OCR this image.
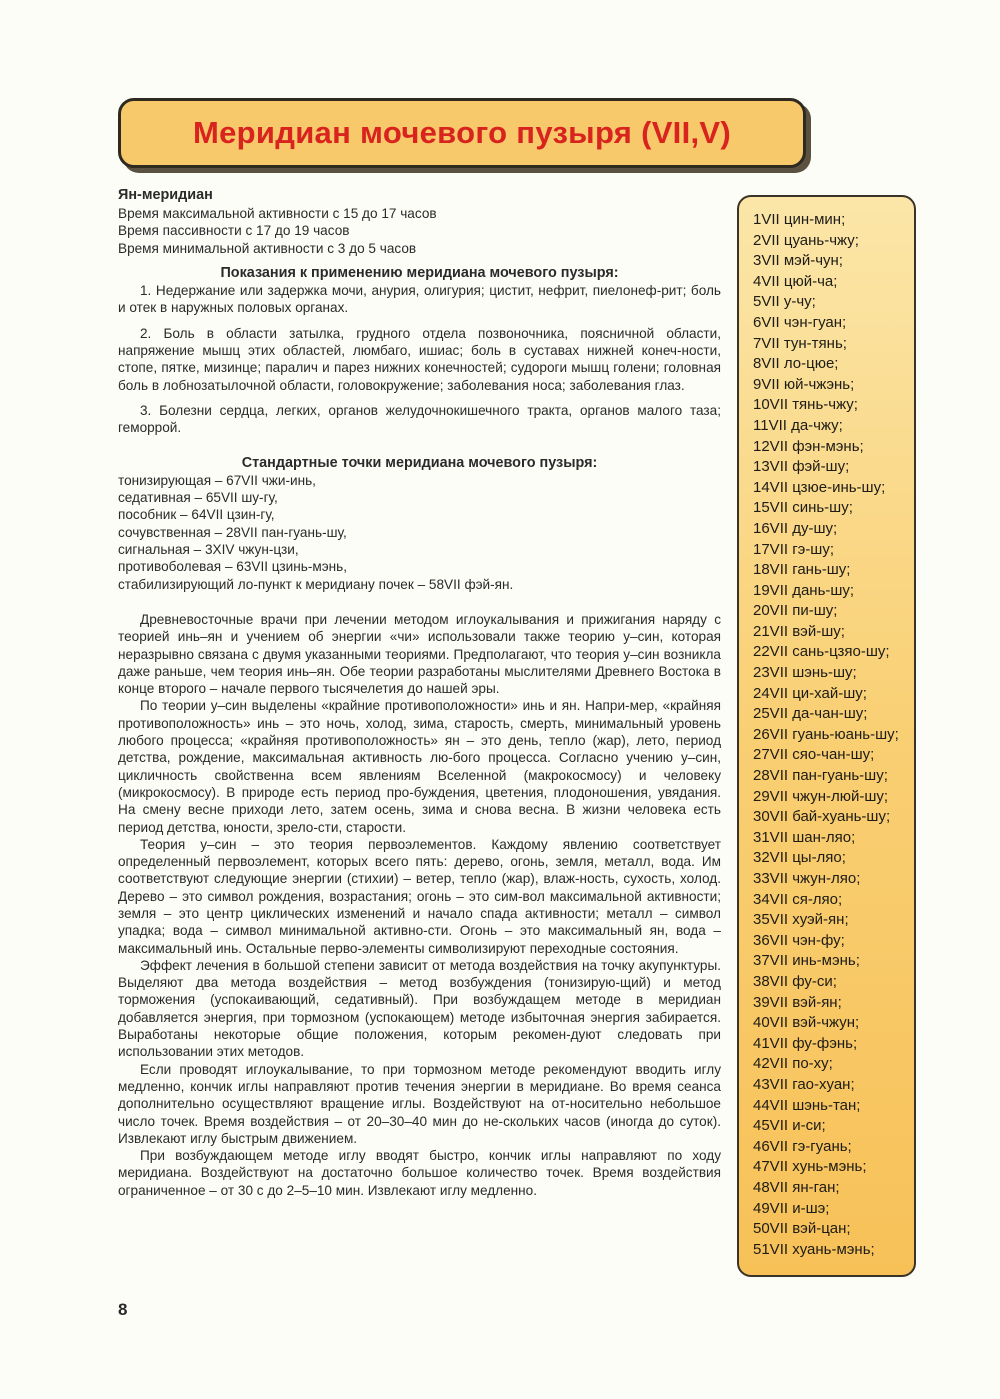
Меридиан мочевого пузыря (VII,V)

Ян-меридиан

Время максимальной активности с 15 до 17 часов

Время пассивности с 17 до 19 часов

Время минимальной активности с 3 до 5 часов

Показания к применению меридиана мочевого пузыря:

1. Недержание или задержка мочи, анурия, олигурия; цистит, нефрит, пиелонеф-рит; боль и отек в наружных половых органах.

2. Боль в области затылка, грудного отдела позвоночника, поясничной области, напряжение мышц этих областей, люмбаго, ишиас; боль в суставах нижней конеч-ности, стопе, пятке, мизинце; паралич и парез нижних конечностей; судороги мышц голени; головная боль в лобнозатылочной области, головокружение; заболевания носа; заболевания глаз.

3. Болезни сердца, легких, органов желудочнокишечного тракта, органов малого таза; геморрой.

Стандартные точки меридиана мочевого пузыря:

тонизирующая – 67VII чжи-инь,

седативная – 65VII шу-гу,

пособник – 64VII цзин-гу,

сочувственная – 28VII пан-гуань-шу,

сигнальная – 3XIV чжун-цзи,

противоболевая – 63VII цзинь-мэнь,

стабилизирующий ло-пункт к меридиану почек – 58VII фэй-ян.

Древневосточные врачи при лечении методом иглоукалывания и прижигания наряду с теорией инь–ян и учением об энергии «чи» использовали также теорию у–син, которая неразрывно связана с двумя указанными теориями. Предполагают, что теория у–син возникла даже раньше, чем теория инь–ян. Обе теории разработаны мыслителями Древнего Востока в конце второго – начале первого тысячелетия до нашей эры.

По теории у–син выделены «крайние противоположности» инь и ян. Напри-мер, «крайняя противоположность» инь – это ночь, холод, зима, старость, смерть, минимальный уровень любого процесса; «крайняя противоположность» ян – это день, тепло (жар), лето, период детства, рождение, максимальная активность лю-бого процесса. Согласно учению у–син, цикличность свойственна всем явлениям Вселенной (макрокосмосу) и человеку (микрокосмосу). В природе есть период про-буждения, цветения, плодоношения, увядания. На смену весне приходи лето, затем осень, зима и снова весна. В жизни человека есть период детства, юности, зрело-сти, старости.

Теория у–син – это теория первоэлементов. Каждому явлению соответствует определенный первоэлемент, которых всего пять: дерево, огонь, земля, металл, вода. Им соответствуют следующие энергии (стихии) – ветер, тепло (жар), влаж-ность, сухость, холод. Дерево – это символ рождения, возрастания; огонь – это сим-вол максимальной активности; земля – это центр циклических изменений и начало спада активности; металл – символ упадка; вода – символ минимальной активно-сти. Огонь – это максимальный ян, вода – максимальный инь. Остальные перво-элементы символизируют переходные состояния.

Эффект лечения в большой степени зависит от метода воздействия на точку акупунктуры. Выделяют два метода воздействия – метод возбуждения (тонизирую-щий) и метод торможения (успокаивающий, седативный). При возбуждащем методе в меридиан добавляется энергия, при тормозном (успокающем) методе избыточная энергия забирается. Выработаны некоторые общие положения, которым рекомен-дуют следовать при использовании этих методов.

Если проводят иглоукалывание, то при тормозном методе рекомендуют вводить иглу медленно, кончик иглы направляют против течения энергии в меридиане. Во время сеанса дополнительно осуществляют вращение иглы. Воздействуют на от-носительно небольшое число точек. Время воздействия – от 20–30–40 мин до не-скольких часов (иногда до суток). Извлекают иглу быстрым движением.

При возбуждающем методе иглу вводят быстро, кончик иглы направляют по ходу меридиана. Воздействуют на достаточно большое количество точек. Время воздействия ограниченное – от 30 с до 2–5–10 мин. Извлекают иглу медленно.

8
1VII цин-мин;
2VII цуань-чжу;
3VII мэй-чун;
4VII цюй-ча;
5VII у-чу;
6VII чэн-гуан;
7VII тун-тянь;
8VII ло-цюе;
9VII юй-чжэнь;
10VII тянь-чжу;
11VII да-чжу;
12VII фэн-мэнь;
13VII фэй-шу;
14VII цзюе-инь-шу;
15VII синь-шу;
16VII ду-шу;
17VII гэ-шу;
18VII гань-шу;
19VII дань-шу;
20VII пи-шу;
21VII вэй-шу;
22VII сань-цзяо-шу;
23VII шэнь-шу;
24VII ци-хай-шу;
25VII да-чан-шу;
26VII гуань-юань-шу;
27VII сяо-чан-шу;
28VII пан-гуань-шу;
29VII чжун-люй-шу;
30VII бай-хуань-шу;
31VII шан-ляо;
32VII цы-ляо;
33VII чжун-ляо;
34VII ся-ляо;
35VII хуэй-ян;
36VII чэн-фу;
37VII инь-мэнь;
38VII фу-си;
39VII вэй-ян;
40VII вэй-чжун;
41VII фу-фэнь;
42VII по-ху;
43VII гао-хуан;
44VII шэнь-тан;
45VII и-си;
46VII гэ-гуань;
47VII хунь-мэнь;
48VII ян-ган;
49VII и-шэ;
50VII вэй-цан;
51VII хуань-мэнь;
